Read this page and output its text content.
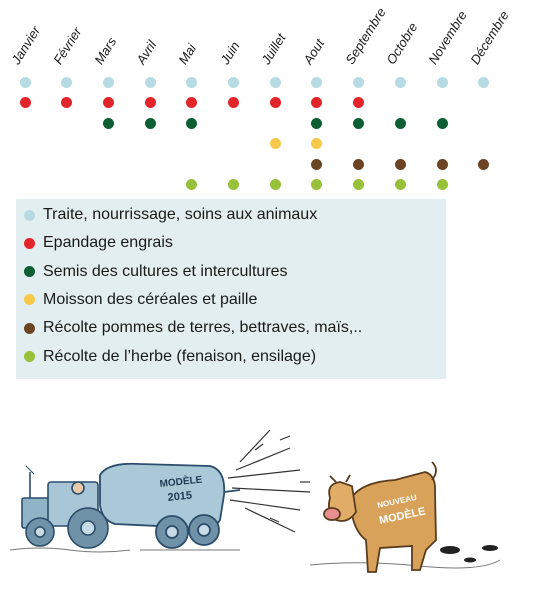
Janvier Février Mars Avril Mai Juin Juillet Aout Septembre
Octobre Novembre
Décembre
Traite, nourrissage, soins aux animaux
Epandage engrais
Semis des cultures et intercultures
Moisson des céréales et paille
Récolte pommes de terres, bettraves, maïs,..
Récolte de l’herbe (fenaison, ensilage)
MODÈLE
2015	NOUVEAU
MODÈLE
